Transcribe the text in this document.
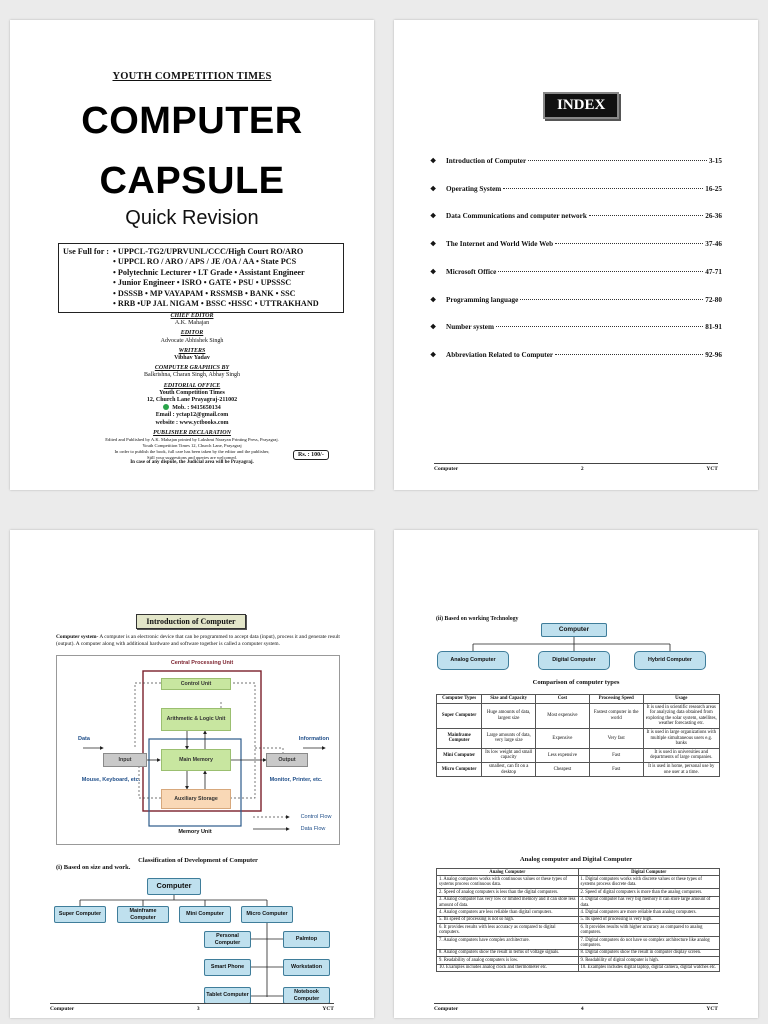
YOUTH COMPETITION TIMES
COMPUTER
CAPSULE
Quick Revision
Use Full for : • UPPCL-TG2/UPRVUNL/CCC/High Court RO/ARO
• UPPCL RO / ARO / APS / JE /OA / AA • State PCS
• Polytechnic Lecturer • LT Grade • Assistant Engineer
• Junior Engineer • ISRO • GATE • PSU • UPSSSC
• DSSSB • MP VAYAPAM • RSSMSB • BANK • SSC
• RRB •UP JAL NIGAM • BSSC •HSSC • UTTRAKHAND
CHIEF EDITOR
A.K. Mahajan
EDITOR
Advocate Abhishek Singh
WRITERS
Vibhav Yadav
COMPUTER GRAPHICS BY
Balkrishna, Charan Singh, Abhay Singh
EDITORIAL OFFICE
Youth Competition Times
12, Church Lane Prayagraj-211002
Mob. : 9415650134
Email : yctap12@gmail.com
website : www.yctbooks.com
PUBLISHER DECLARATION
Edited and Published by A.K. Mahajan printed by Lakshmi Narayan Printing Press, Prayagraj.
Youth Competition Times 12, Church Lane, Prayagraj
In order to publish the book, full care has been taken by the editor and the publisher,
Still your suggestions and queries are welcomed.	Rs. : 100/-
In case of any dispute, the Judicial area will be Prayagraj.
INDEX
❖	Introduction of Computer	3-15
❖	Operating System	16-25
❖	Data Communications and computer network	26-36
❖	The Internet and World Wide Web	37-46
❖	Microsoft Office	47-71
❖	Programming language	72-80
❖	Number system	81-91
❖	Abbreviation Related to Computer	92-96
Computer	2	YCT
Introduction of Computer
Computer system- A computer is an electronic device that can be programmed to accept data (input), process it and generate result (output). A computer along with additional hardware and software together is called a computer system.
Central Processing Unit
Control Unit
Arithmetic & Logic Unit
Main Memory
Auxiliary Storage
Input	Output
Data	Information
Mouse, Keyboard, etc.	Monitor, Printer, etc.
Memory Unit
Control Flow
Data Flow
Classification of Development of Computer
(i) Based on size and work.
Computer
Super Computer
Mainframe Computer
Mini Computer	Micro Computer
Personal Computer
Palmtop
Smart Phone	Workstation
Tablet Computer
Notebook Computer
Computer	3	YCT
(ii) Based on working Technology
Computer
Analog Computer	Digital Computer	Hybrid Computer
Comparison of computer types
Computer Types	Size and Capacity	Cost	Processing Speed	Usage
Super Computer	Huge amounts of data, largest size	Most expensive	Fastest computer in the world	It is used in scientific research areas for analyzing data obtained from exploring the solar system, satellites, weather forecasting etc.
Mainframe Computer	Large amounts of data, very large size	Expensive	Very fast	It is used in large organizations with multiple simultaneous users e.g. banks
Mini Computer	Its low weight and small capacity	Less expensive	Fast	It is used in universities and departments of large companies.
Micro Computer	smallest, can fit on a desktop	Cheapest	Fast	It is used in home, personal use by one user at a time.
Analog computer and Digital Computer
Analog Computer	Digital Computer
1. Analog computers works with continuous values or these types of systems process continuous data.	1. Digital computers works with discrete values or these types of systems process discrete data.
2. Speed of analog computers is less than the digital computers.	2. Speed of digital computers is more than the analog computers.
3. Analog computer has very low or limited memory and it can store less amount of data.	3. Digital computer has very big memory it can store large amount of data.
4. Analog computers are less reliable than digital computers.	4. Digital computers are more reliable than analog computers.
5. Its speed of processing is not so high.	5. Its speed of processing is very high.
6. It provides results with less accuracy as compared to digital computers.	6. It provides results with higher accuracy as compared to analog computers.
7. Analog computers have complex architecture.	7. Digital computers do not have so complex architecture like analog computers.
8. Analog computers show the result in terms of voltage signals.	8. Digital computers show the result in computer display screen.
9. Readability of analog computers is low.	9. Readability of digital computer is high.
10. Examples includes analog clock and thermometer etc.	10. Examples includes digital laptop, digital camera, digital watches etc.
Computer	4	YCT
